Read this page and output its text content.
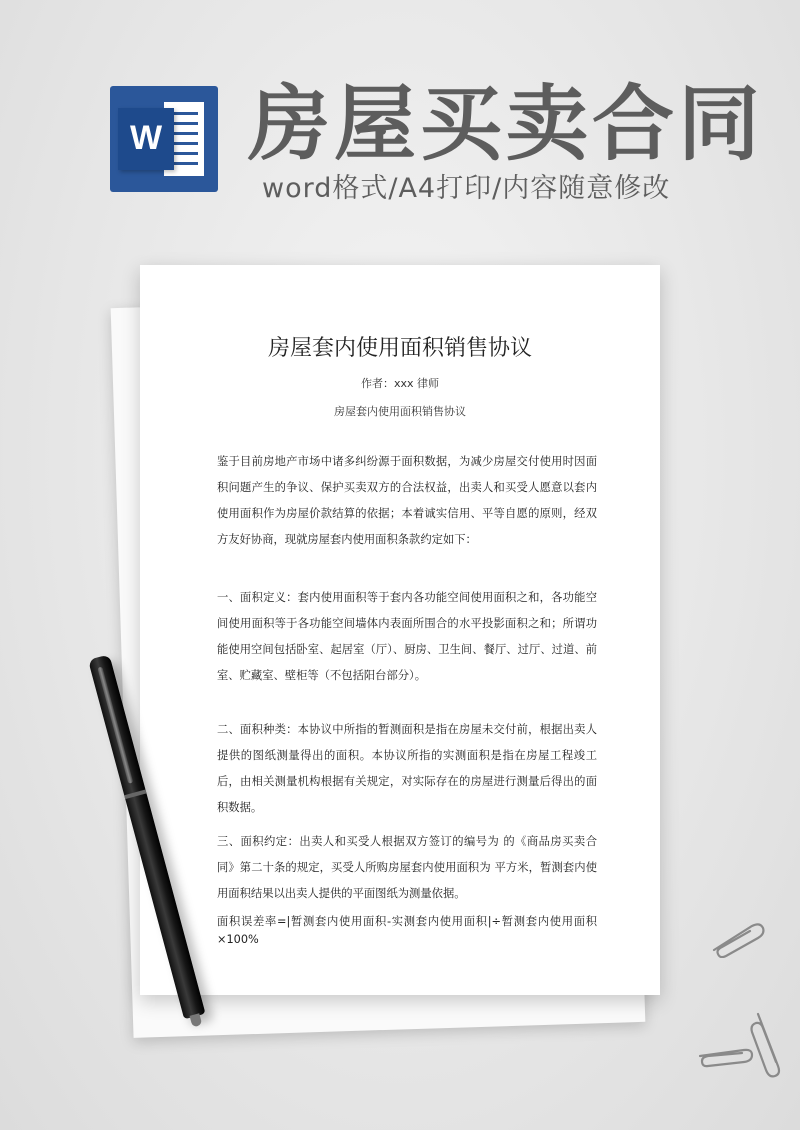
W 房屋买卖合同
word格式/A4打印/内容随意修改
房屋套内使用面积销售协议
作者：xxx 律师
房屋套内使用面积销售协议

鉴于目前房地产市场中诸多纠纷源于面积数据，为减少房屋交付使用时因面积问题产生的争议、保护买卖双方的合法权益，出卖人和买受人愿意以套内使用面积作为房屋价款结算的依据；本着诚实信用、平等自愿的原则，经双方友好协商，现就房屋套内使用面积条款约定如下：

一、面积定义：套内使用面积等于套内各功能空间使用面积之和，各功能空间使用面积等于各功能空间墙体内表面所围合的水平投影面积之和；所谓功能使用空间包括卧室、起居室（厅）、厨房、卫生间、餐厅、过厅、过道、前室、贮藏室、壁柜等（不包括阳台部分）。

二、面积种类：本协议中所指的暂测面积是指在房屋未交付前，根据出卖人提供的图纸测量得出的面积。本协议所指的实测面积是指在房屋工程竣工后，由相关测量机构根据有关规定，对实际存在的房屋进行测量后得出的面积数据。

三、面积约定：出卖人和买受人根据双方签订的编号为 的《商品房买卖合同》第二十条的规定，买受人所购房屋套内使用面积为 平方米，暂测套内使用面积结果以出卖人提供的平面图纸为测量依据。

面积误差率=|暂测套内使用面积-实测套内使用面积|÷暂测套内使用面积×100%
